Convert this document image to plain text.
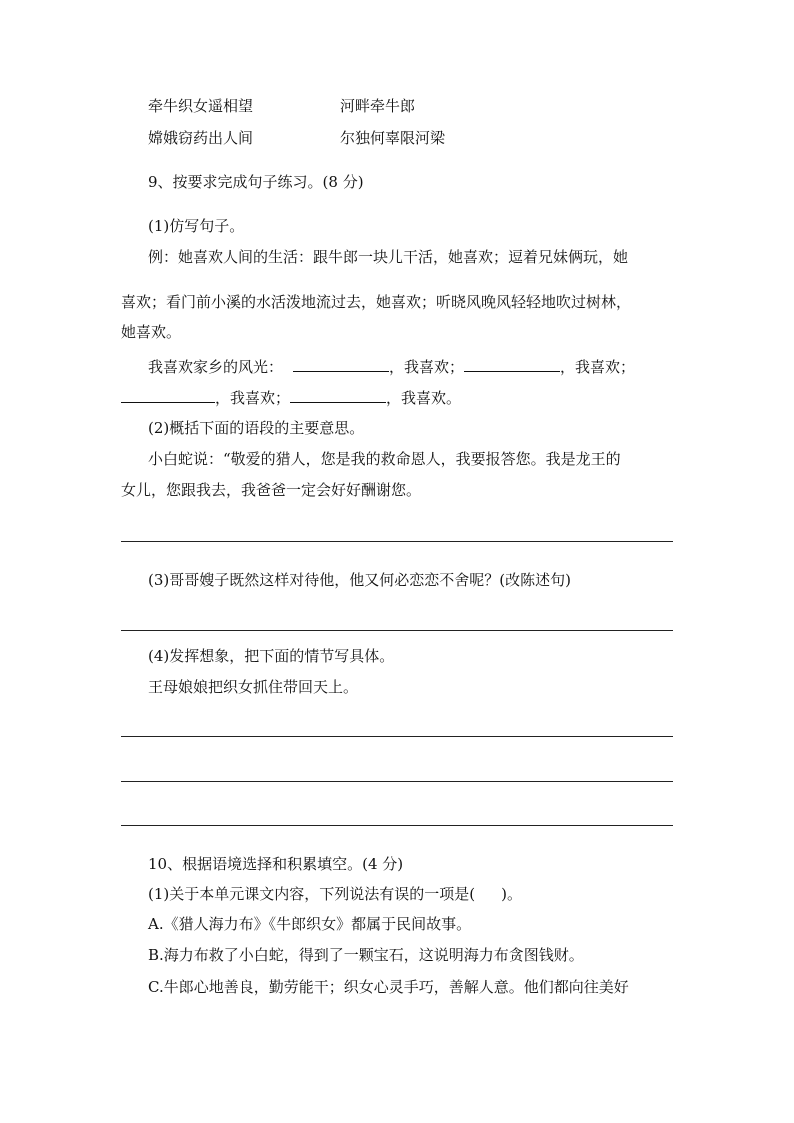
牵牛织女遥相望	河畔牵牛郎
嫦娥窃药出人间	尔独何辜限河梁
9、按要求完成句子练习。(8 分)
(1)仿写句子。
例：她喜欢人间的生活：跟牛郎一块儿干活，她喜欢；逗着兄妹俩玩，她
喜欢；看门前小溪的水活泼地流过去，她喜欢；听晓风晚风轻轻地吹过树林，
她喜欢。
我喜欢家乡的风光：	，我喜欢；	，我喜欢；
，我喜欢；	，我喜欢。
(2)概括下面的语段的主要意思。
小白蛇说：“敬爱的猎人，您是我的救命恩人，我要报答您。我是龙王的
女儿，您跟我去，我爸爸一定会好好酬谢您。
(3)哥哥嫂子既然这样对待他，他又何必恋恋不舍呢？(改陈述句)
(4)发挥想象，把下面的情节写具体。
王母娘娘把织女抓住带回天上。
10、根据语境选择和积累填空。(4 分)
(1)关于本单元课文内容，下列说法有误的一项是( )。
A.《猎人海力布》《牛郎织女》都属于民间故事。
B.海力布救了小白蛇，得到了一颗宝石，这说明海力布贪图钱财。
C.牛郎心地善良，勤劳能干；织女心灵手巧，善解人意。他们都向往美好
